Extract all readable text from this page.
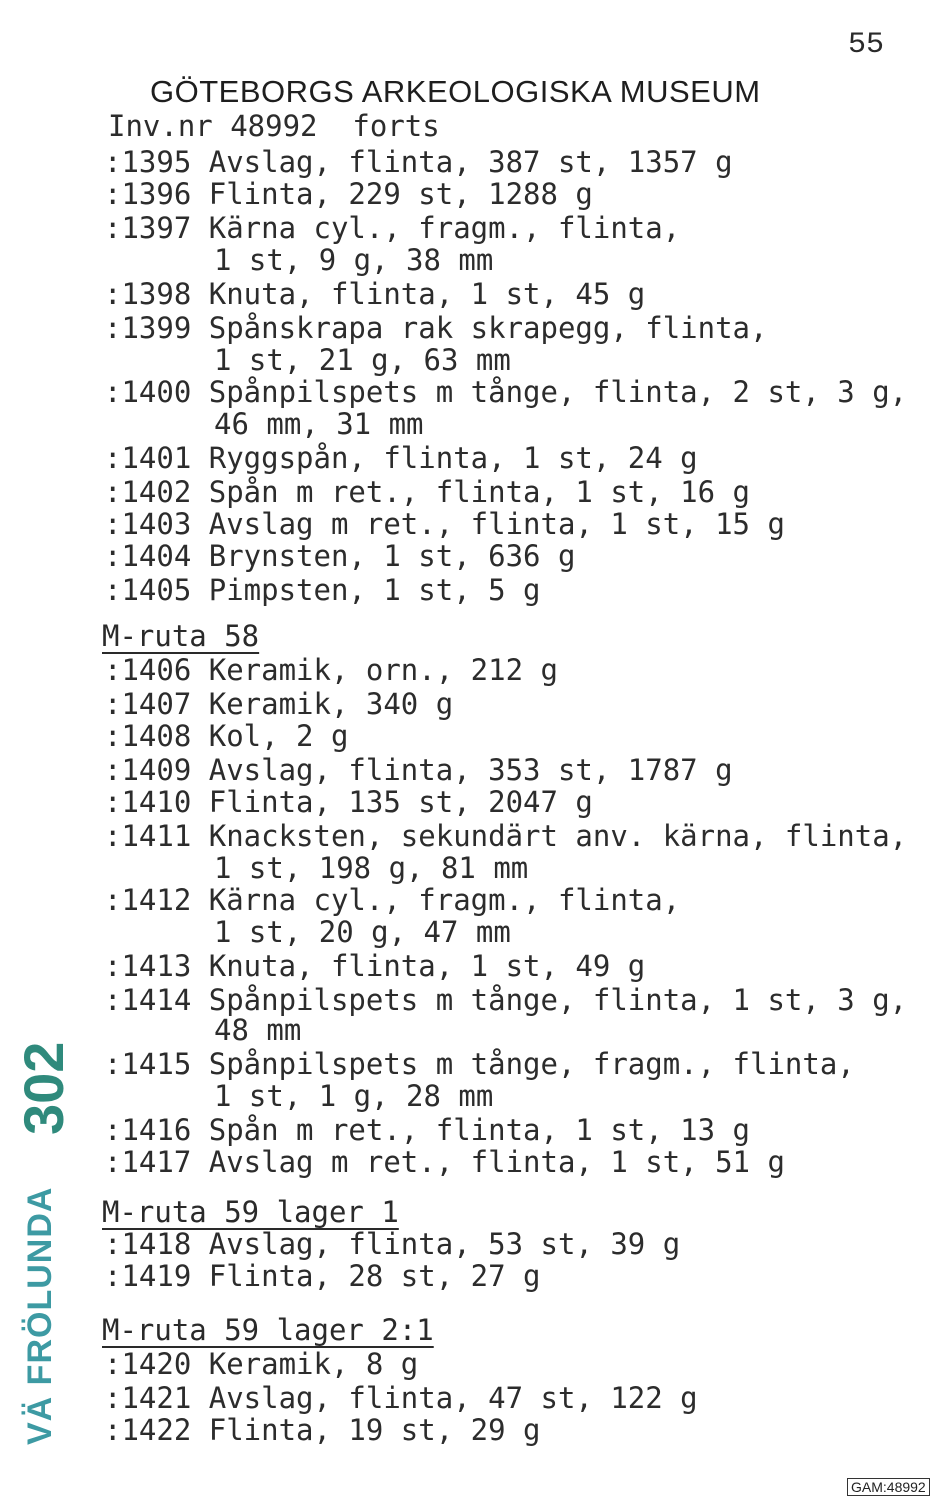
55
GÖTEBORGS ARKEOLOGISKA MUSEUM
Inv.nr 48992  forts
:1395 Avslag, flinta, 387 st, 1357 g
:1396 Flinta, 229 st, 1288 g
:1397 Kärna cyl., fragm., flinta,
1 st, 9 g, 38 mm
:1398 Knuta, flinta, 1 st, 45 g
:1399 Spånskrapa rak skrapegg, flinta,
1 st, 21 g, 63 mm
:1400 Spånpilspets m tånge, flinta, 2 st, 3 g,
46 mm, 31 mm
:1401 Ryggspån, flinta, 1 st, 24 g
:1402 Spån m ret., flinta, 1 st, 16 g
:1403 Avslag m ret., flinta, 1 st, 15 g
:1404 Brynsten, 1 st, 636 g
:1405 Pimpsten, 1 st, 5 g
M-ruta 58
:1406 Keramik, orn., 212 g
:1407 Keramik, 340 g
:1408 Kol, 2 g
:1409 Avslag, flinta, 353 st, 1787 g
:1410 Flinta, 135 st, 2047 g
:1411 Knacksten, sekundärt anv. kärna, flinta,
1 st, 198 g, 81 mm
:1412 Kärna cyl., fragm., flinta,
1 st, 20 g, 47 mm
:1413 Knuta, flinta, 1 st, 49 g
:1414 Spånpilspets m tånge, flinta, 1 st, 3 g,
48 mm
:1415 Spånpilspets m tånge, fragm., flinta,
1 st, 1 g, 28 mm
:1416 Spån m ret., flinta, 1 st, 13 g
:1417 Avslag m ret., flinta, 1 st, 51 g
M-ruta 59 lager 1
:1418 Avslag, flinta, 53 st, 39 g
:1419 Flinta, 28 st, 27 g
M-ruta 59 lager 2:1
:1420 Keramik, 8 g
:1421 Avslag, flinta, 47 st, 122 g
:1422 Flinta, 19 st, 29 g
302
VÄ FRÖLUNDA
GAM:48992
